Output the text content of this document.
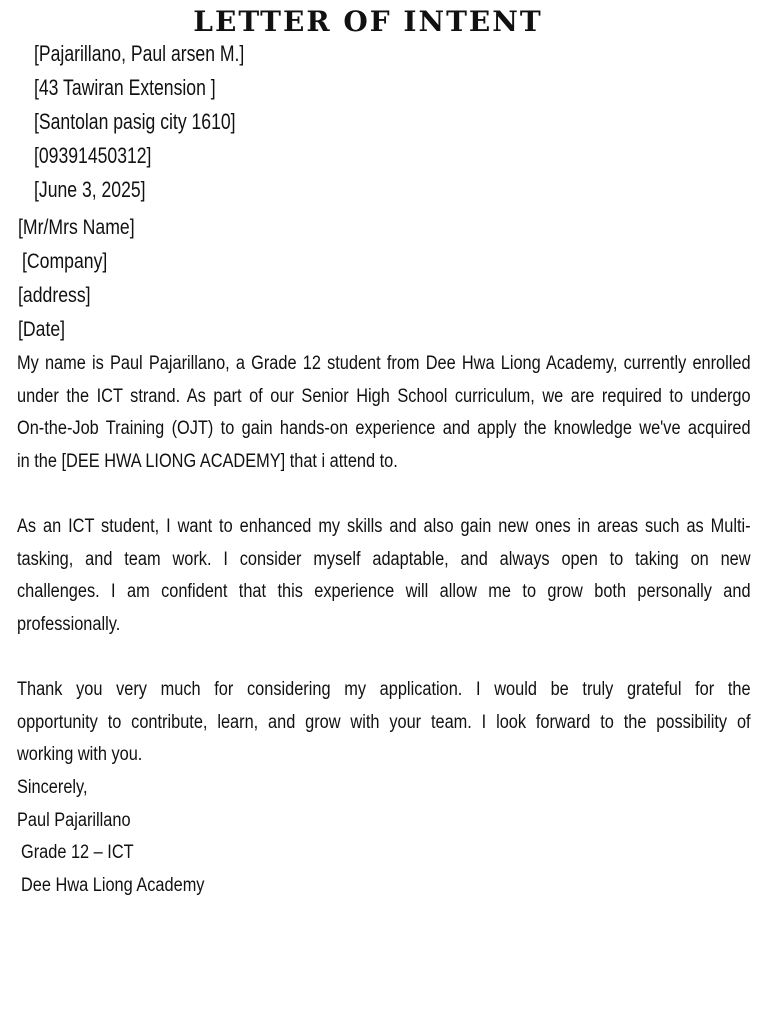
LETTER OF INTENT
[Pajarillano, Paul arsen M.]
[43 Tawiran Extension ]
[Santolan pasig city 1610]
[09391450312]
[June 3, 2025]
[Mr/Mrs Name]
[Company]
[address]
[Date]
My name is Paul Pajarillano, a Grade 12 student from Dee Hwa Liong Academy, currently enrolled
under the ICT strand. As part of our Senior High School curriculum, we are required to undergo
On-the-Job Training (OJT) to gain hands-on experience and apply the knowledge we've acquired
in the [DEE HWA LIONG ACADEMY] that i attend to.
As an ICT student, I want to enhanced my skills and also gain new ones in areas such as Multi-
tasking, and team work. I consider myself adaptable, and always open to taking on new
challenges. I am confident that this experience will allow me to grow both personally and
professionally.
Thank you very much for considering my application. I would be truly grateful for the
opportunity to contribute, learn, and grow with your team. I look forward to the possibility of
working with you.
Sincerely,
Paul Pajarillano
Grade 12 – ICT
Dee Hwa Liong Academy
